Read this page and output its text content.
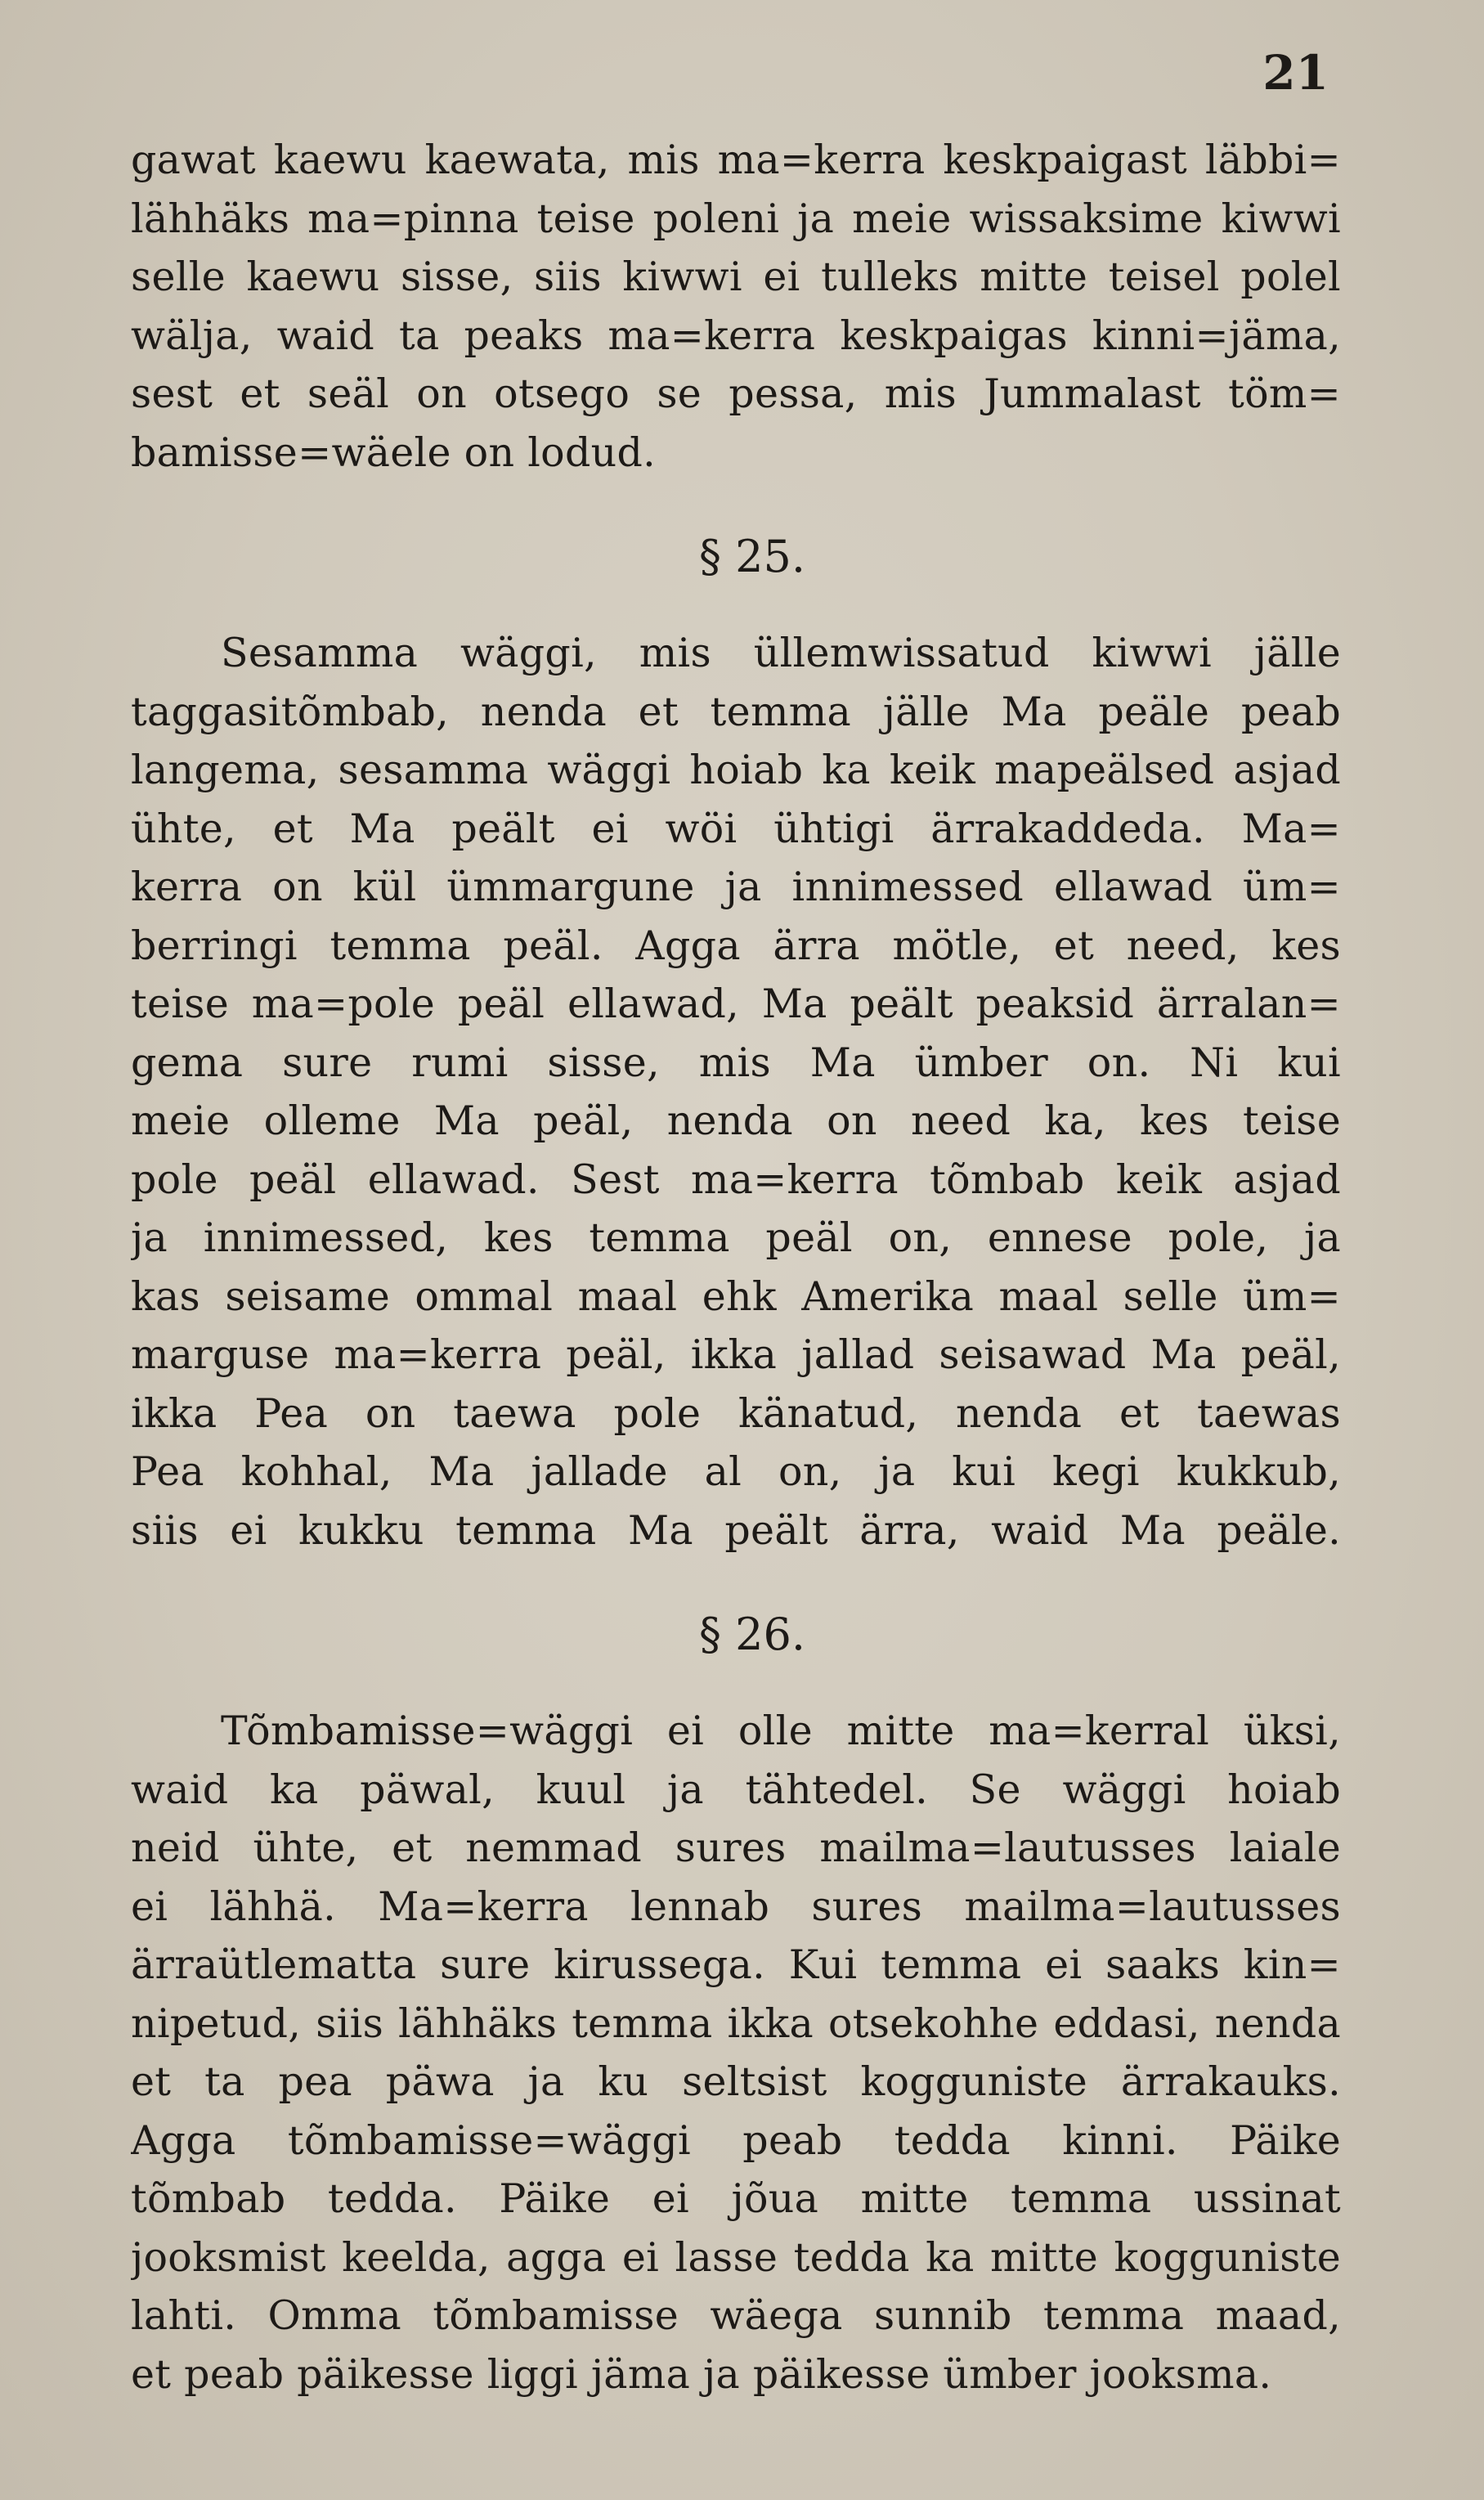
21
gawat kaewu kaewata, mis ma=kerra keskpaigast läbbi=
lähhäks ma=pinna teise poleni ja meie wissaksime kiwwi
selle kaewu sisse, siis kiwwi ei tulleks mitte teisel polel
wälja, waid ta peaks ma=kerra keskpaigas kinni=jäma,
sest et seäl on otsego se pessa, mis Jummalast töm=
bamisse=wäele on lodud.
§ 25.
Sesamma wäggi, mis üllemwissatud kiwwi jälle
taggasitõmbab, nenda et temma jälle Ma peäle peab
langema, sesamma wäggi hoiab ka keik mapeälsed asjad
ühte, et Ma peält ei wöi ühtigi ärrakaddeda. Ma=
kerra on kül ümmargune ja innimessed ellawad üm=
berringi temma peäl. Agga ärra mötle, et need, kes
teise ma=pole peäl ellawad, Ma peält peaksid ärralan=
gema sure rumi sisse, mis Ma ümber on. Ni kui
meie olleme Ma peäl, nenda on need ka, kes teise
pole peäl ellawad. Sest ma=kerra tõmbab keik asjad
ja innimessed, kes temma peäl on, ennese pole, ja
kas seisame ommal maal ehk Amerika maal selle üm=
marguse ma=kerra peäl, ikka jallad seisawad Ma peäl,
ikka Pea on taewa pole känatud, nenda et taewas
Pea kohhal, Ma jallade al on, ja kui kegi kukkub,
siis ei kukku temma Ma peält ärra, waid Ma peäle.
§ 26.
Tõmbamisse=wäggi ei olle mitte ma=kerral üksi,
waid ka päwal, kuul ja tähtedel. Se wäggi hoiab
neid ühte, et nemmad sures mailma=lautusses laiale
ei lähhä. Ma=kerra lennab sures mailma=lautusses
ärraütlematta sure kirussega. Kui temma ei saaks kin=
nipetud, siis lähhäks temma ikka otsekohhe eddasi, nenda
et ta pea päwa ja ku seltsist kogguniste ärrakauks.
Agga tõmbamisse=wäggi peab tedda kinni. Päike
tõmbab tedda. Päike ei jõua mitte temma ussinat
jooksmist keelda, agga ei lasse tedda ka mitte kogguniste
lahti. Omma tõmbamisse wäega sunnib temma maad,
et peab päikesse liggi jäma ja päikesse ümber jooksma.
